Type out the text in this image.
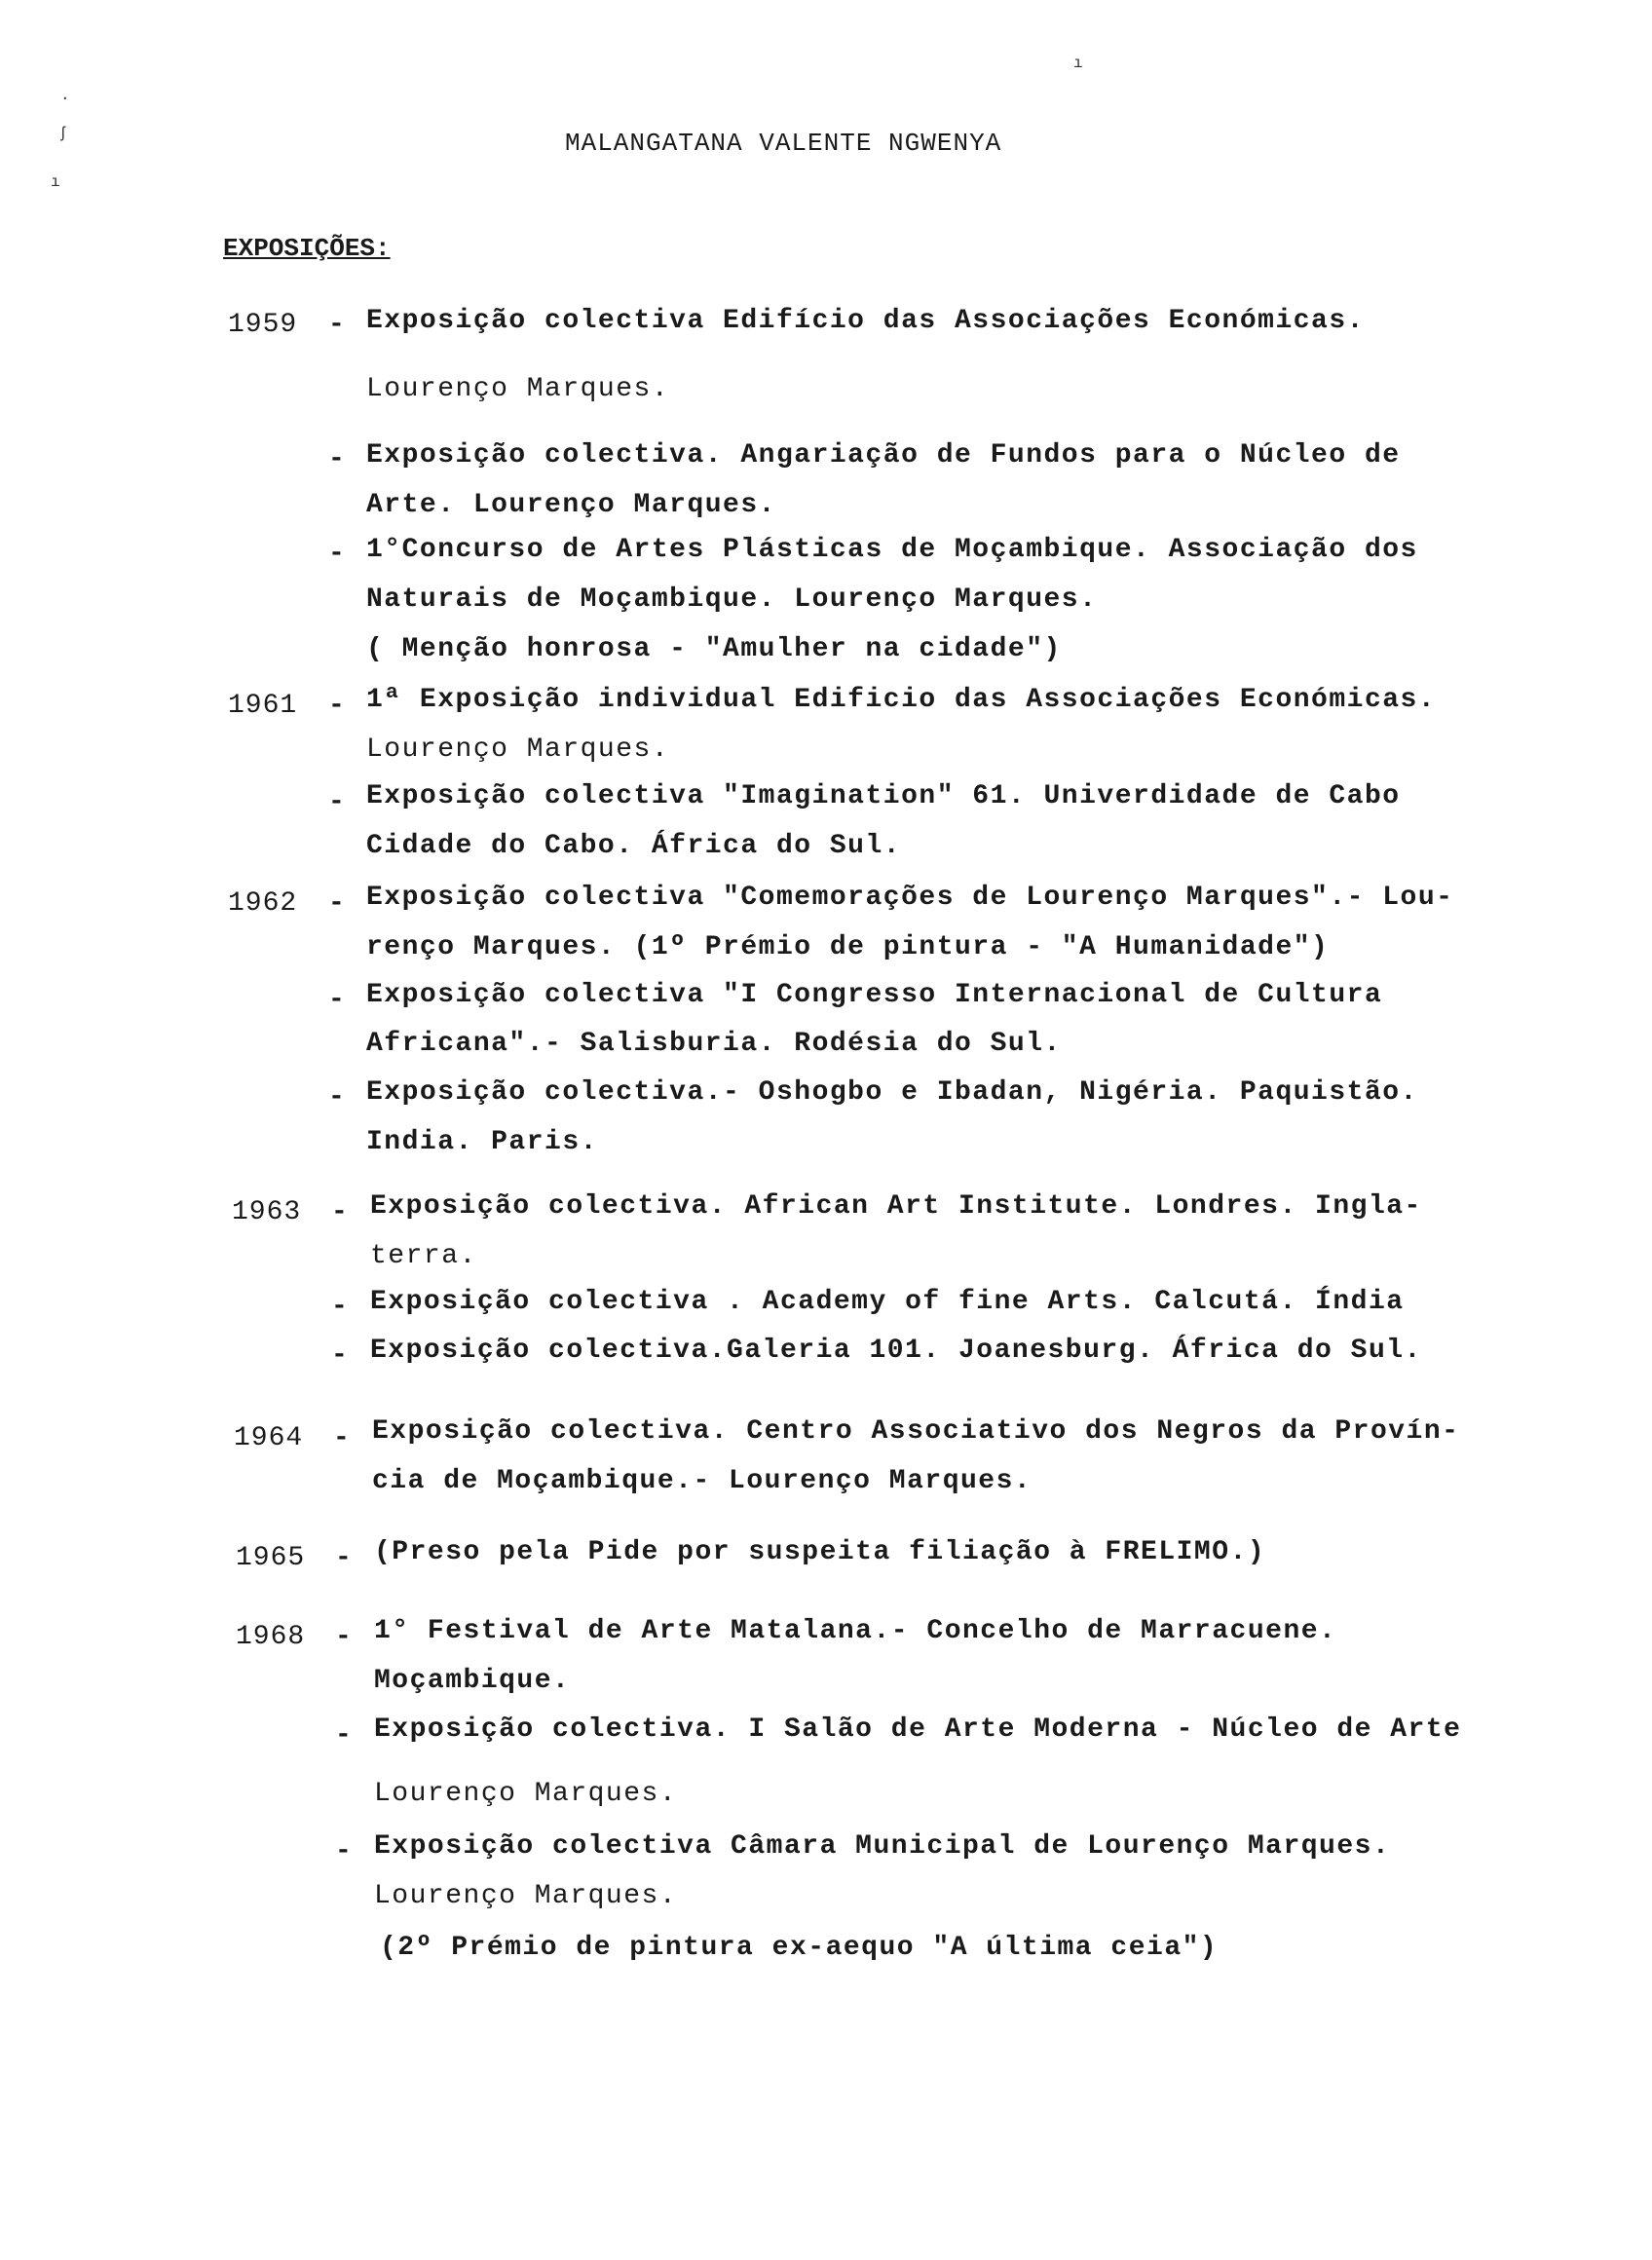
MALANGATANA VALENTE NGWENYA
EXPOSIÇÕES:
1959 - Exposição colectiva Edifício das Associações Económicas.
Lourenço Marques.
- Exposição colectiva. Angariação de Fundos para o Núcleo de
Arte. Lourenço Marques.
- 1°Concurso de Artes Plásticas de Moçambique. Associação dos
Naturais de Moçambique. Lourenço Marques.
( Menção honrosa - "Amulher na cidade")
1961 - 1ª Exposição individual Edificio das Associações Económicas.
Lourenço Marques.
- Exposição colectiva "Imagination" 61. Univerdidade de Cabo
Cidade do Cabo. África do Sul.
1962 - Exposição colectiva "Comemorações de Lourenço Marques".- Lou-
renço Marques. (1º Prémio de pintura - "A Humanidade")
- Exposição colectiva "I Congresso Internacional de Cultura
Africana".- Salisburia. Rodésia do Sul.
- Exposição colectiva.- Oshogbo e Ibadan, Nigéria. Paquistão.
India. Paris.
1963 - Exposição colectiva. African Art Institute. Londres. Ingla-
terra.
- Exposição colectiva . Academy of fine Arts. Calcutá. Índia
- Exposição colectiva.Galeria 101. Joanesburg. África do Sul.
1964 - Exposição colectiva. Centro Associativo dos Negros da Provín-
cia de Moçambique.- Lourenço Marques.
1965 - (Preso pela Pide por suspeita filiação à FRELIMO.)
1968 - 1° Festival de Arte Matalana.- Concelho de Marracuene.
Moçambique.
- Exposição colectiva. I Salão de Arte Moderna - Núcleo de Arte
Lourenço Marques.
- Exposição colectiva Câmara Municipal de Lourenço Marques.
Lourenço Marques.
(2º Prémio de pintura ex-aequo "A última ceia")
·
ʃ
ı
ı
